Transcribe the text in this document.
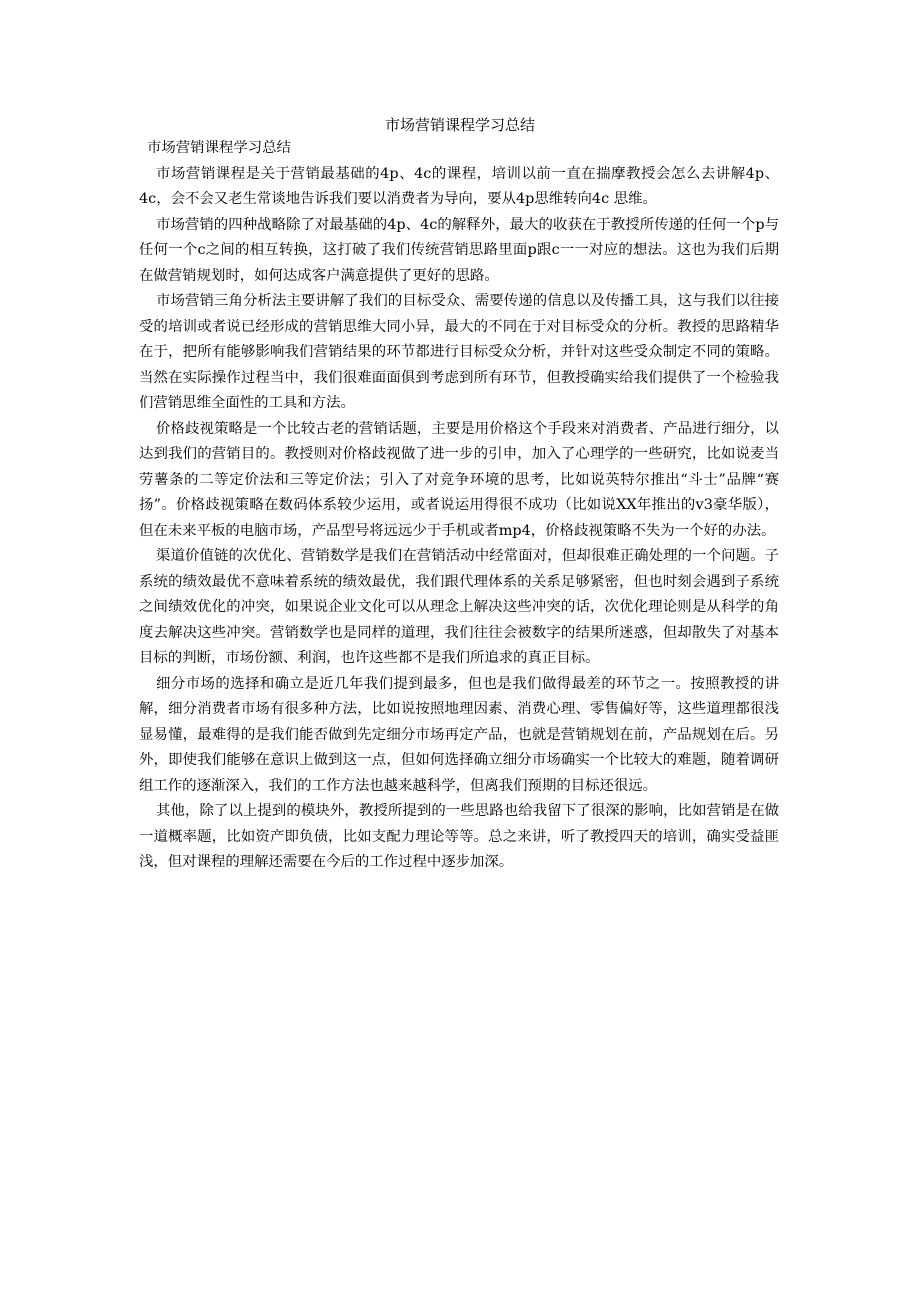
市场营销课程学习总结

市场营销课程学习总结

市场营销课程是关于营销最基础的4p、4c的课程，培训以前一直在揣摩教授会怎么去讲解4p、4c，会不会又老生常谈地告诉我们要以消费者为导向，要从4p思维转向4c 思维。

市场营销的四种战略除了对最基础的4p、4c的解释外，最大的收获在于教授所传递的任何一个p与任何一个c之间的相互转换，这打破了我们传统营销思路里面p跟c一一对应的想法。这也为我们后期在做营销规划时，如何达成客户满意提供了更好的思路。

市场营销三角分析法主要讲解了我们的目标受众、需要传递的信息以及传播工具，这与我们以往接受的培训或者说已经形成的营销思维大同小异，最大的不同在于对目标受众的分析。教授的思路精华在于，把所有能够影响我们营销结果的环节都进行目标受众分析，并针对这些受众制定不同的策略。当然在实际操作过程当中，我们很难面面俱到考虑到所有环节，但教授确实给我们提供了一个检验我们营销思维全面性的工具和方法。

价格歧视策略是一个比较古老的营销话题，主要是用价格这个手段来对消费者、产品进行细分，以达到我们的营销目的。教授则对价格歧视做了进一步的引申，加入了心理学的一些研究，比如说麦当劳薯条的二等定价法和三等定价法；引入了对竞争环境的思考，比如说英特尔推出“斗士”品牌“赛扬”。价格歧视策略在数码体系较少运用，或者说运用得很不成功（比如说XX年推出的v3豪华版），但在未来平板的电脑市场，产品型号将远远少于手机或者mp4，价格歧视策略不失为一个好的办法。

渠道价值链的次优化、营销数学是我们在营销活动中经常面对，但却很难正确处理的一个问题。子系统的绩效最优不意味着系统的绩效最优，我们跟代理体系的关系足够紧密，但也时刻会遇到子系统之间绩效优化的冲突，如果说企业文化可以从理念上解决这些冲突的话，次优化理论则是从科学的角度去解决这些冲突。营销数学也是同样的道理，我们往往会被数字的结果所迷惑，但却散失了对基本目标的判断，市场份额、利润，也许这些都不是我们所追求的真正目标。

细分市场的选择和确立是近几年我们提到最多，但也是我们做得最差的环节之一。按照教授的讲解，细分消费者市场有很多种方法，比如说按照地理因素、消费心理、零售偏好等，这些道理都很浅显易懂，最难得的是我们能否做到先定细分市场再定产品，也就是营销规划在前，产品规划在后。另外，即使我们能够在意识上做到这一点，但如何选择确立细分市场确实一个比较大的难题，随着调研组工作的逐渐深入，我们的工作方法也越来越科学，但离我们预期的目标还很远。

其他，除了以上提到的模块外，教授所提到的一些思路也给我留下了很深的影响，比如营销是在做一道概率题，比如资产即负债，比如支配力理论等等。总之来讲，听了教授四天的培训，确实受益匪浅，但对课程的理解还需要在今后的工作过程中逐步加深。
